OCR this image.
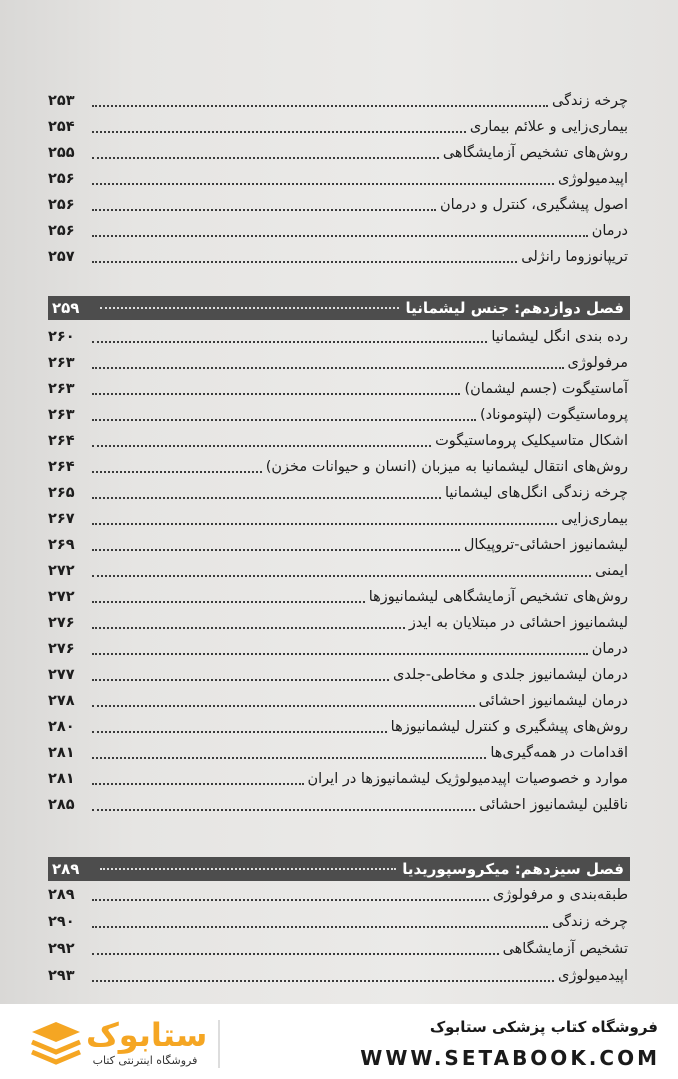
چرخه زندگی
۲۵۳
بیماری‌زایی و علائم بیماری
۲۵۴
روش‌های تشخیص آزمایشگاهی
۲۵۵
اپیدمیولوژی
۲۵۶
اصول پیشگیری، کنترل و درمان
۲۵۶
درمان
۲۵۶
تریپانوزوما رانژلی
۲۵۷
فصل دوازدهم: جنس لیشمانیا
۲۵۹
رده بندی انگل لیشمانیا
۲۶۰
مرفولوژی
۲۶۳
آماستیگوت (جسم لیشمان)
۲۶۳
پروماستیگوت (لپتوموناد)
۲۶۳
اشکال متاسیکلیک پروماستیگوت
۲۶۴
روش‌های انتقال لیشمانیا به میزبان (انسان و حیوانات مخزن)
۲۶۴
چرخه زندگی انگل‌های لیشمانیا
۲۶۵
بیماری‌زایی
۲۶۷
لیشمانیوز احشائی-تروپیکال
۲۶۹
ایمنی
۲۷۲
روش‌های تشخیص آزمایشگاهی لیشمانیوزها
۲۷۲
لیشمانیوز احشائی در مبتلایان به ایدز
۲۷۶
درمان
۲۷۶
درمان لیشمانیوز جلدی و مخاطی-جلدی
۲۷۷
درمان لیشمانیوز احشائی
۲۷۸
روش‌های پیشگیری و کنترل لیشمانیوزها
۲۸۰
اقدامات در همه‌گیری‌ها
۲۸۱
موارد و خصوصیات اپیدمیولوژیک لیشمانیوزها در ایران
۲۸۱
ناقلین لیشمانیوز احشائی
۲۸۵
فصل سیزدهم: میکروسپوریدیا
۲۸۹
طبقه‌بندی و مرفولوژی
۲۸۹
چرخه زندگی
۲۹۰
تشخیص آزمایشگاهی
۲۹۲
اپیدمیولوژی
۲۹۳
ستابوک
فروشگاه اینترنتی کتاب
فروشگاه کتاب پزشکی ستابوک
WWW.SETABOOK.COM
